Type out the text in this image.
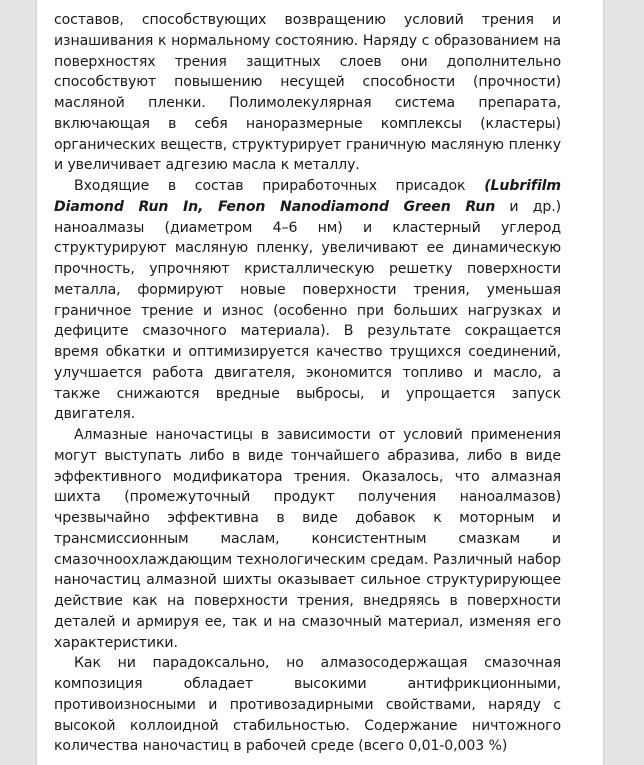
составов, способствующих возвращению условий трения и изнашивания к нормальному состоянию. Наряду с образованием на поверхностях трения защитных слоев они дополнительно способствуют повышению несущей способности (прочности) масляной пленки. Полимолекулярная система препарата, включающая в себя наноразмерные комплексы (кластеры) органических веществ, структурирует граничную масляную пленку и увеличивает адгезию масла к металлу.

Входящие в состав приработочных присадок (Lubrifilm Diamond Run In, Fenon Nanodiamond Green Run и др.) наноалмазы (диаметром 4–6 нм) и кластерный углерод структурируют масляную пленку, увеличивают ее динамическую прочность, упрочняют кристаллическую решетку поверхности металла, формируют новые поверхности трения, уменьшая граничное трение и износ (особенно при больших нагрузках и дефиците смазочного материала). В результате сокращается время обкатки и оптимизируется качество трущихся соединений, улучшается работа двигателя, экономится топливо и масло, а также снижаются вредные выбросы, и упрощается запуск двигателя.

Алмазные наночастицы в зависимости от условий применения могут выступать либо в виде тончайшего абразива, либо в виде эффективного модификатора трения. Оказалось, что алмазная шихта (промежуточный продукт получения наноалмазов) чрезвычайно эффективна в виде добавок к моторным и трансмиссионным маслам, консистентным смазкам и смазочноохлаждающим технологическим средам. Различный набор наночастиц алмазной шихты оказывает сильное структурирующее действие как на поверхности трения, внедряясь в поверхности деталей и армируя ее, так и на смазочный материал, изменяя его характеристики.

Как ни парадоксально, но алмазосодержащая смазочная композиция обладает высокими антифрикционными, противоизносными и противозадирными свойствами, наряду с высокой коллоидной стабильностью. Содержание ничтожного количества наночастиц в рабочей среде (всего 0,01-0,003 %)
